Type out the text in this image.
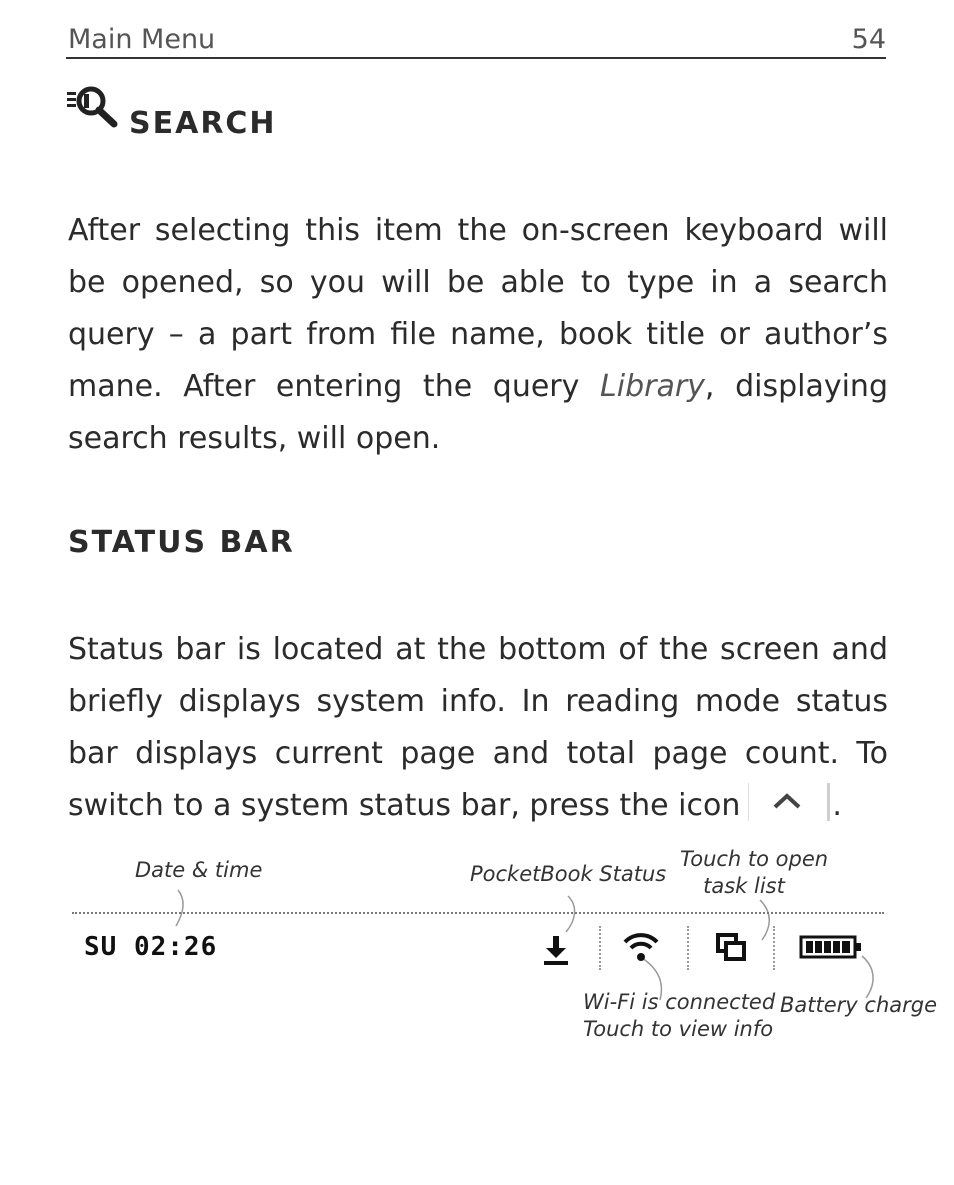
Main Menu	54
SEARCH

After selecting this item the on-screen keyboard will be opened, so you will be able to type in a search query – a part from file name, book title or author’s mane. After entering the query Library, displaying search results, will open.

STATUS BAR

Status bar is located at the bottom of the screen and briefly displays system info. In reading mode status bar displays current page and total page count. To switch to a system status bar, press the icon	.

Date & time	PocketBook Status
Touch to open
task list
SU 02:26
Wi-Fi is connected
Touch to view info
Battery charge
